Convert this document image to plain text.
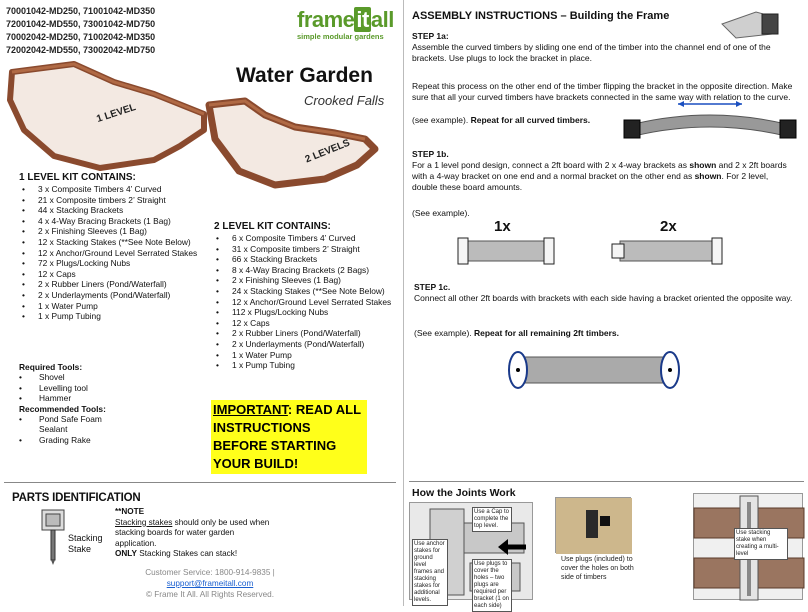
70001042-MD250, 71001042-MD350
72001042-MD550, 73001042-MD750
70002042-MD250, 71002042-MD350
72002042-MD550, 73002042-MD750
frameitall
simple modular gardens
Water Garden
Crooked Falls
1 LEVEL
2 LEVELS
1 LEVEL KIT CONTAINS:
• 3 x Composite Timbers 4’ Curved
• 21 x Composite timbers 2’ Straight
• 44 x Stacking Brackets
• 4 x 4-Way Bracing Brackets (1 Bag)
• 2 x Finishing Sleeves (1 Bag)
• 12 x Stacking Stakes (**See Note Below)
• 12 x Anchor/Ground Level Serrated Stakes
• 72 x Plugs/Locking Nubs
• 12 x Caps
• 2 x Rubber Liners (Pond/Waterfall)
• 2 x Underlayments (Pond/Waterfall)
• 1 x Water Pump
• 1 x Pump Tubing
2 LEVEL KIT CONTAINS:
• 6 x Composite Timbers 4’ Curved
• 31 x Composite timbers 2’ Straight
• 66 x Stacking Brackets
• 8 x 4-Way Bracing Brackets (2 Bags)
• 2 x Finishing Sleeves (1 Bag)
• 24 x Stacking Stakes (**See Note Below)
• 12 x Anchor/Ground Level Serrated Stakes
• 112 x Plugs/Locking Nubs
• 12 x Caps
• 2 x Rubber Liners (Pond/Waterfall)
• 2 x Underlayments (Pond/Waterfall)
• 1 x Water Pump
• 1 x Pump Tubing
Required Tools:
• Shovel
• Levelling tool
• Hammer
Recommended Tools:
• Pond Safe Foam Sealant
• Grading Rake
IMPORTANT: READ ALL INSTRUCTIONS BEFORE STARTING YOUR BUILD!
PARTS IDENTIFICATION
Stacking
Stake
**NOTE
Stacking stakes should only be used when stacking boards for water garden application.
ONLY Stacking Stakes can stack!
Customer Service: 1800-914-9835 |
support@frameitall.com
© Frame It All. All Rights Reserved.
ASSEMBLY INSTRUCTIONS – Building the Frame
STEP 1a:
Assemble the curved timbers by sliding one end of the timber into the channel end of one of the brackets. Use plugs to lock the bracket in place.
Repeat this process on the other end of the timber flipping the bracket in the opposite direction. Make sure that all your curved timbers have brackets connected in the same way with relation to the curve.
(see example). Repeat for all curved timbers.
STEP 1b.
For a 1 level pond design, connect a 2ft board with 2 x 4-way brackets as shown and 2 x 2ft boards with a 4-way bracket on one end and a normal bracket on the other end as shown. For 2 level, double these board amounts.
(See example).
1x	2x
STEP 1c.
Connect all other 2ft boards with brackets with each side having a bracket oriented the opposite way.
(See example). Repeat for all remaining 2ft timbers.
How the Joints Work
Use a Cap to complete the top level.
Use anchor stakes for ground level frames and stacking stakes for additional levels.
Use plugs to cover the holes – two plugs are required per bracket (1 on each side)
Use plugs (included) to cover the holes on both side of timbers
Use stacking stake when creating a multi-level
